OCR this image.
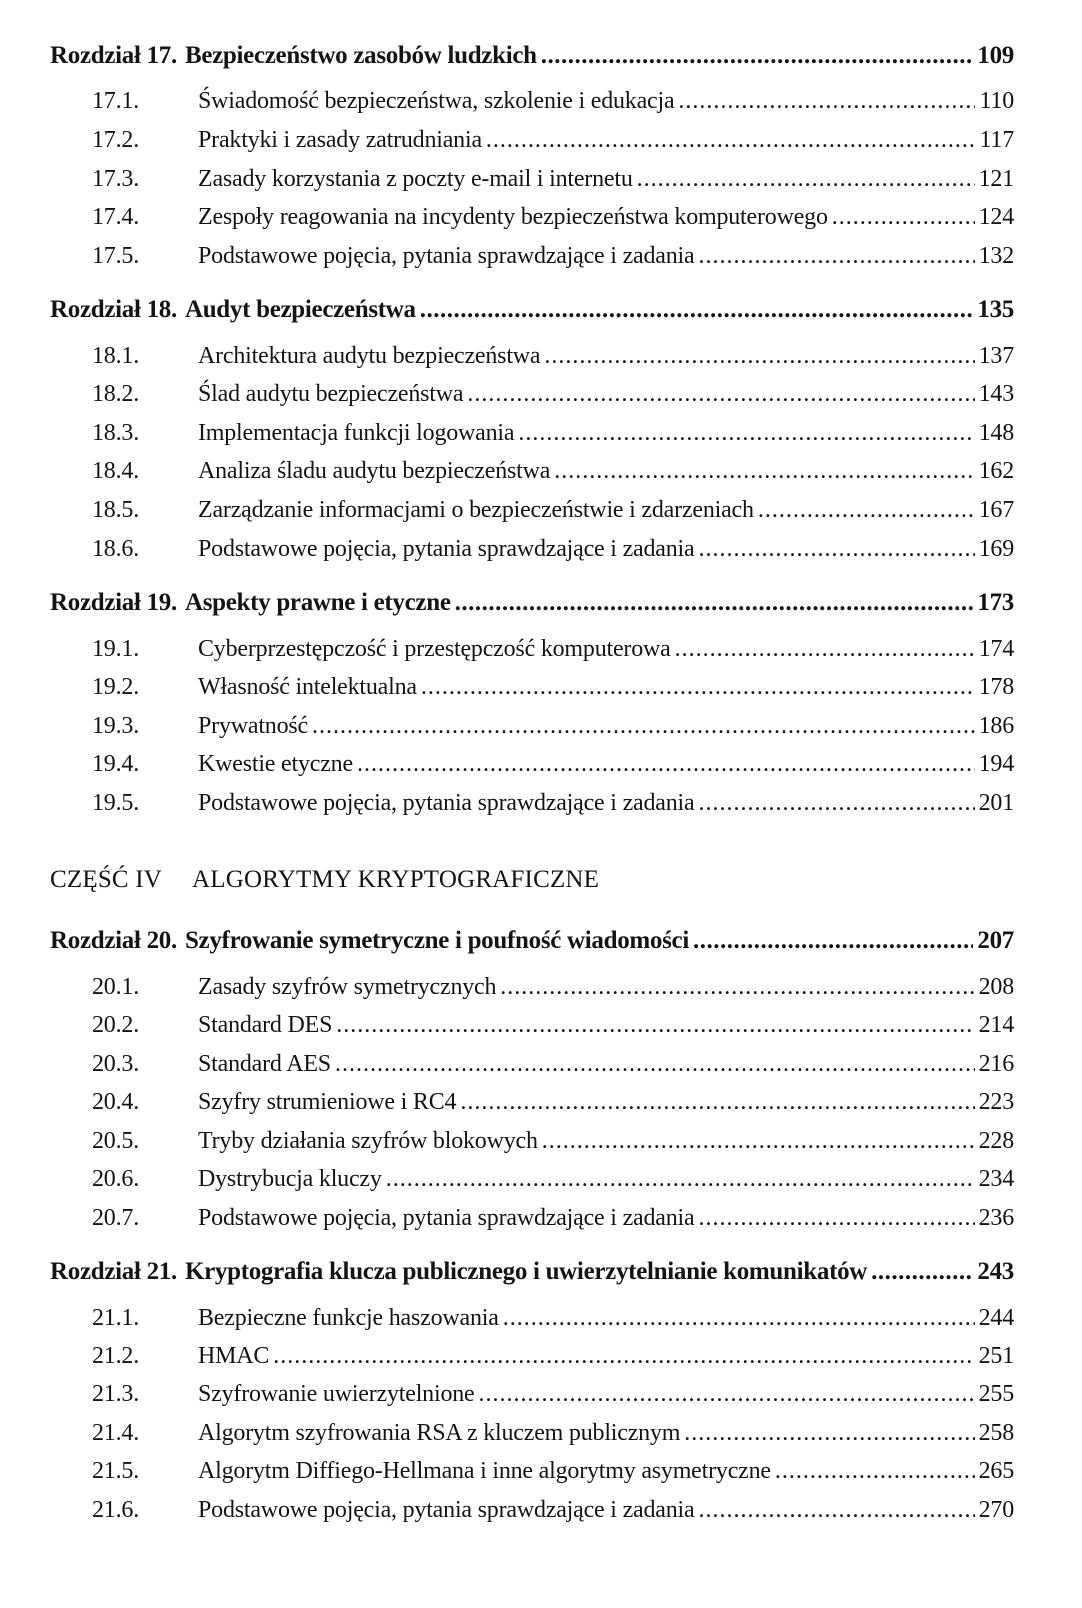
Rozdział 17. Bezpieczeństwo zasobów ludzkich .....	109
17.1.	Świadomość bezpieczeństwa, szkolenie i edukacja .....	110
17.2.	Praktyki i zasady zatrudniania .....	117
17.3.	Zasady korzystania z poczty e-mail i internetu .....	121
17.4.	Zespoły reagowania na incydenty bezpieczeństwa komputerowego .....	124
17.5.	Podstawowe pojęcia, pytania sprawdzające i zadania .....	132
Rozdział 18. Audyt bezpieczeństwa .....	135
18.1.	Architektura audytu bezpieczeństwa .....	137
18.2.	Ślad audytu bezpieczeństwa .....	143
18.3.	Implementacja funkcji logowania .....	148
18.4.	Analiza śladu audytu bezpieczeństwa .....	162
18.5.	Zarządzanie informacjami o bezpieczeństwie i zdarzeniach .....	167
18.6.	Podstawowe pojęcia, pytania sprawdzające i zadania .....	169
Rozdział 19. Aspekty prawne i etyczne .....	173
19.1.	Cyberprzestępczość i przestępczość komputerowa .....	174
19.2.	Własność intelektualna .....	178
19.3.	Prywatność .....	186
19.4.	Kwestie etyczne .....	194
19.5.	Podstawowe pojęcia, pytania sprawdzające i zadania .....	201
CZĘŚĆ IV ALGORYTMY KRYPTOGRAFICZNE
Rozdział 20. Szyfrowanie symetryczne i poufność wiadomości .....	207
20.1.	Zasady szyfrów symetrycznych .....	208
20.2.	Standard DES .....	214
20.3.	Standard AES .....	216
20.4.	Szyfry strumieniowe i RC4 .....	223
20.5.	Tryby działania szyfrów blokowych .....	228
20.6.	Dystrybucja kluczy .....	234
20.7.	Podstawowe pojęcia, pytania sprawdzające i zadania .....	236
Rozdział 21. Kryptografia klucza publicznego i uwierzytelnianie komunikatów .....	243
21.1.	Bezpieczne funkcje haszowania .....	244
21.2.	HMAC .....	251
21.3.	Szyfrowanie uwierzytelnione .....	255
21.4.	Algorytm szyfrowania RSA z kluczem publicznym .....	258
21.5.	Algorytm Diffiego-Hellmana i inne algorytmy asymetryczne .....	265
21.6.	Podstawowe pojęcia, pytania sprawdzające i zadania .....	270
